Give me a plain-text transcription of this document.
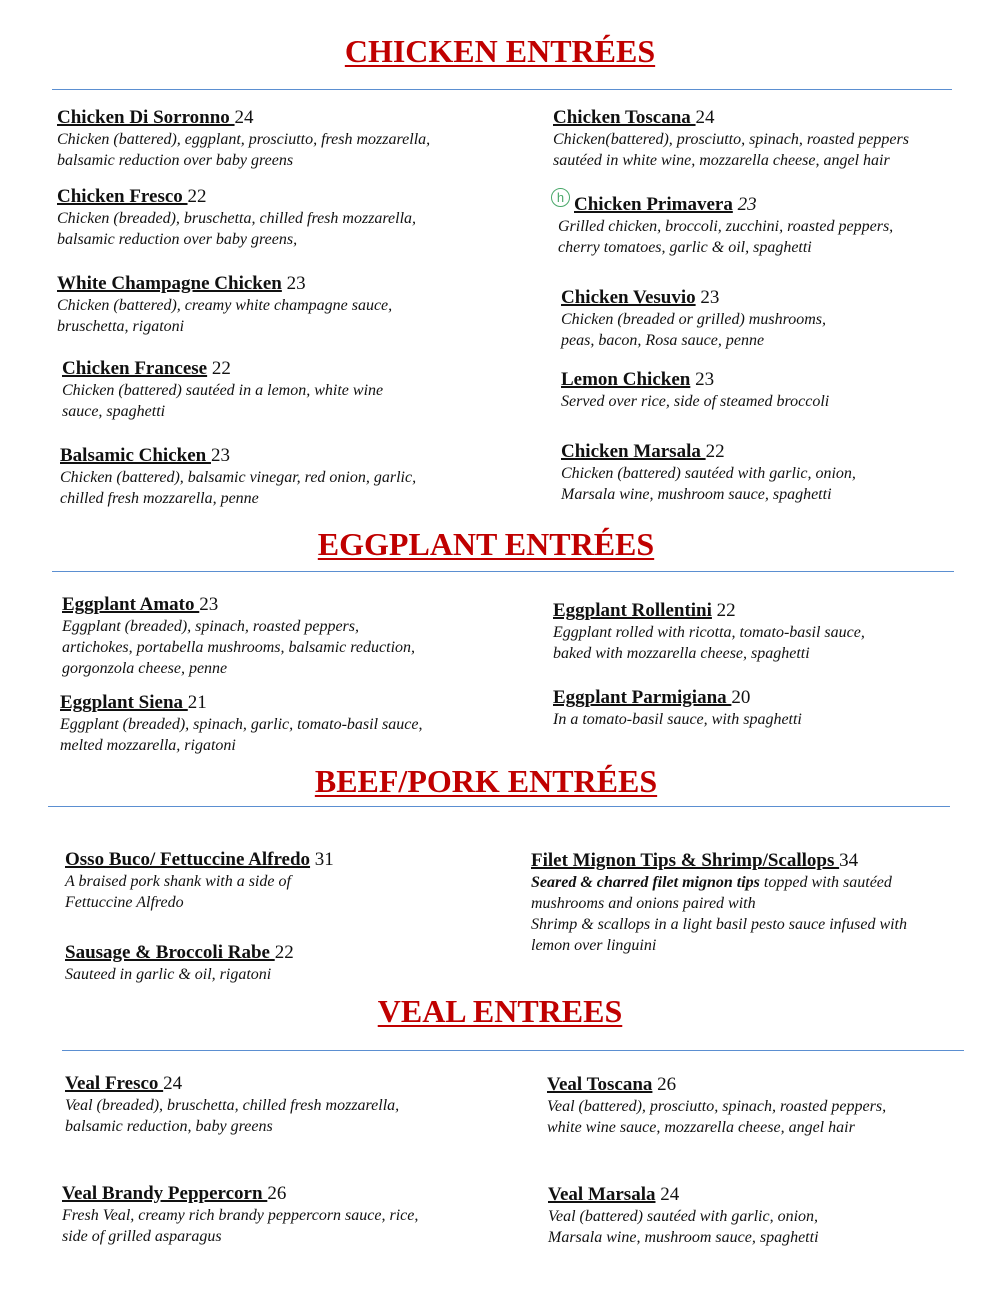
CHICKEN ENTRÉES
Chicken Di Sorronno 24
Chicken (battered), eggplant, prosciutto, fresh mozzarella,
balsamic reduction over baby greens
Chicken Fresco 22
Chicken (breaded), bruschetta, chilled fresh mozzarella,
balsamic reduction over baby greens,
White Champagne Chicken 23
Chicken (battered), creamy white champagne sauce,
bruschetta, rigatoni
Chicken Francese 22
Chicken (battered) sautéed in a lemon, white wine
sauce, spaghetti
Balsamic Chicken 23
Chicken (battered), balsamic vinegar, red onion, garlic,
chilled fresh mozzarella, penne
Chicken Toscana 24
Chicken(battered), prosciutto, spinach, roasted peppers
sautéed in white wine, mozzarella cheese, angel hair
h Chicken Primavera 23
Grilled chicken, broccoli, zucchini, roasted peppers,
cherry tomatoes, garlic & oil, spaghetti
Chicken Vesuvio 23
Chicken (breaded or grilled) mushrooms,
peas, bacon, Rosa sauce, penne
Lemon Chicken 23
Served over rice, side of steamed broccoli
Chicken Marsala 22
Chicken (battered) sautéed with garlic, onion,
Marsala wine, mushroom sauce, spaghetti
EGGPLANT ENTRÉES
Eggplant Amato 23
Eggplant (breaded), spinach, roasted peppers,
artichokes, portabella mushrooms, balsamic reduction,
gorgonzola cheese, penne
Eggplant Siena 21
Eggplant (breaded), spinach, garlic, tomato-basil sauce,
melted mozzarella, rigatoni
Eggplant Rollentini 22
Eggplant rolled with ricotta, tomato-basil sauce,
baked with mozzarella cheese, spaghetti
Eggplant Parmigiana 20
In a tomato-basil sauce, with spaghetti
BEEF/PORK ENTRÉES
Osso Buco/ Fettuccine Alfredo 31
A braised pork shank with a side of
Fettuccine Alfredo
Sausage & Broccoli Rabe 22
Sauteed in garlic & oil, rigatoni
Filet Mignon Tips & Shrimp/Scallops 34
Seared & charred filet mignon tips topped with sautéed
mushrooms and onions paired with
Shrimp & scallops in a light basil pesto sauce infused with
lemon over linguini
VEAL ENTREES
Veal Fresco 24
Veal (breaded), bruschetta, chilled fresh mozzarella,
balsamic reduction, baby greens
Veal Brandy Peppercorn 26
Fresh Veal, creamy rich brandy peppercorn sauce, rice,
side of grilled asparagus
Veal Toscana 26
Veal (battered), prosciutto, spinach, roasted peppers,
white wine sauce, mozzarella cheese, angel hair
Veal Marsala 24
Veal (battered) sautéed with garlic, onion,
Marsala wine, mushroom sauce, spaghetti
